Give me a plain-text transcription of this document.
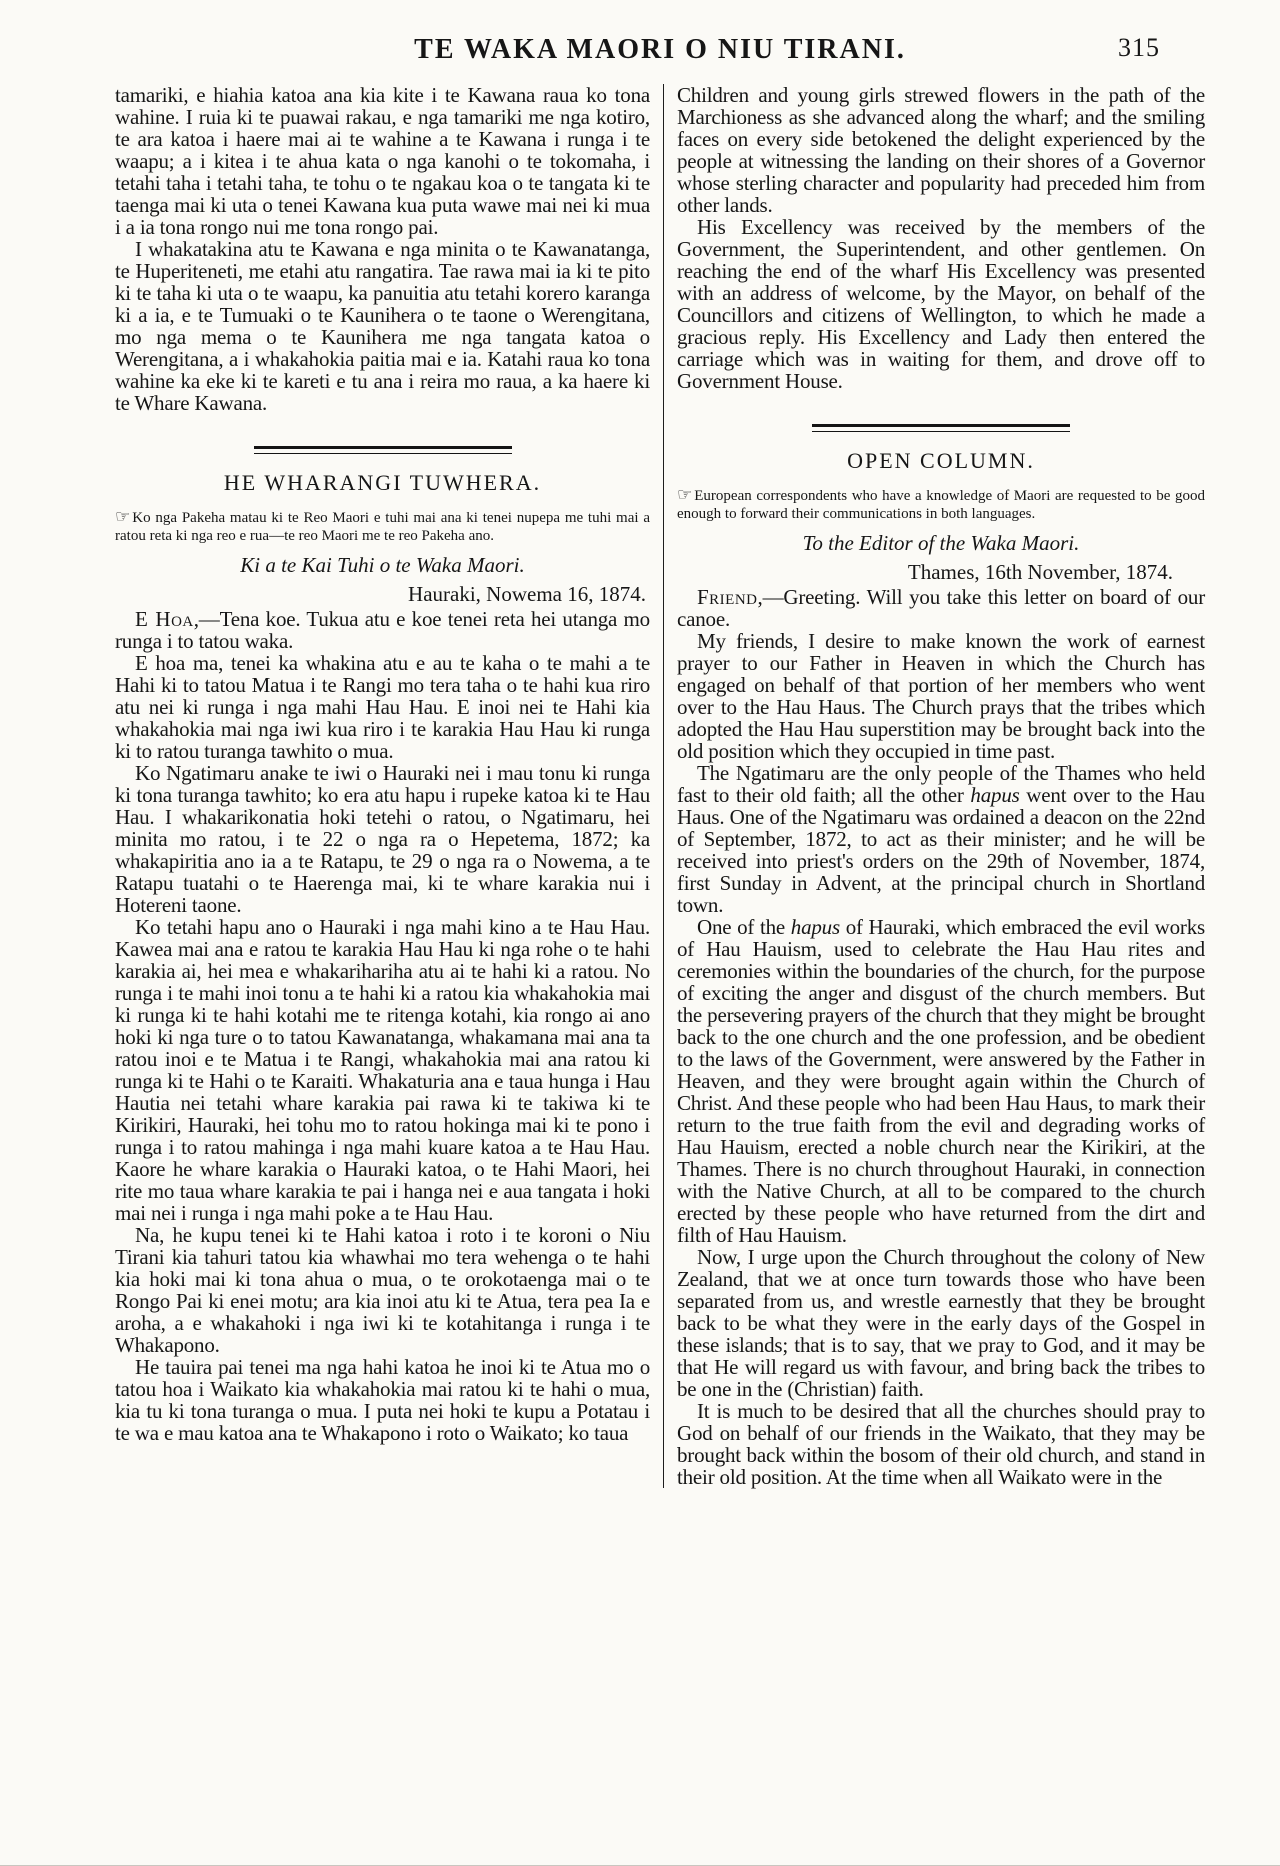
TE WAKA MAORI O NIU TIRANI.	315

tamariki, e hiahia katoa ana kia kite i te Kawana raua ko tona wahine. I ruia ki te puawai rakau, e nga tamariki me nga kotiro, te ara katoa i haere mai ai te wahine a te Kawana i runga i te waapu; a i kitea i te ahua kata o nga kanohi o te tokomaha, i tetahi taha i tetahi taha, te tohu o te ngakau koa o te tangata ki te taenga mai ki uta o tenei Kawana kua puta wawe mai nei ki mua i a ia tona rongo nui me tona rongo pai.

I whakatakina atu te Kawana e nga minita o te Kawanatanga, te Huperiteneti, me etahi atu rangatira. Tae rawa mai ia ki te pito ki te taha ki uta o te waapu, ka panuitia atu tetahi korero karanga ki a ia, e te Tumuaki o te Kaunihera o te taone o Werengitana, mo nga mema o te Kaunihera me nga tangata katoa o Werengitana, a i whakahokia paitia mai e ia. Katahi raua ko tona wahine ka eke ki te kareti e tu ana i reira mo raua, a ka haere ki te Whare Kawana.

HE WHARANGI TUWHERA.

☞ Ko nga Pakeha matau ki te Reo Maori e tuhi mai ana ki tenei nupepa me tuhi mai a ratou reta ki nga reo e rua—te reo Maori me te reo Pakeha ano.

Ki a te Kai Tuhi o te Waka Maori.

Hauraki, Nowema 16, 1874.

E Hoa,—Tena koe. Tukua atu e koe tenei reta hei utanga mo runga i to tatou waka.

E hoa ma, tenei ka whakina atu e au te kaha o te mahi a te Hahi ki to tatou Matua i te Rangi mo tera taha o te hahi kua riro atu nei ki runga i nga mahi Hau Hau. E inoi nei te Hahi kia whakahokia mai nga iwi kua riro i te karakia Hau Hau ki runga ki to ratou turanga tawhito o mua.

Ko Ngatimaru anake te iwi o Hauraki nei i mau tonu ki runga ki tona turanga tawhito; ko era atu hapu i rupeke katoa ki te Hau Hau. I whakarikonatia hoki tetehi o ratou, o Ngatimaru, hei minita mo ratou, i te 22 o nga ra o Hepetema, 1872; ka whakapiritia ano ia a te Ratapu, te 29 o nga ra o Nowema, a te Ratapu tuatahi o te Haerenga mai, ki te whare karakia nui i Hotereni taone.

Ko tetahi hapu ano o Hauraki i nga mahi kino a te Hau Hau. Kawea mai ana e ratou te karakia Hau Hau ki nga rohe o te hahi karakia ai, hei mea e whakarihariha atu ai te hahi ki a ratou. No runga i te mahi inoi tonu a te hahi ki a ratou kia whakahokia mai ki runga ki te hahi kotahi me te ritenga kotahi, kia rongo ai ano hoki ki nga ture o to tatou Kawanatanga, whakamana mai ana ta ratou inoi e te Matua i te Rangi, whakahokia mai ana ratou ki runga ki te Hahi o te Karaiti. Whakaturia ana e taua hunga i Hau Hautia nei tetahi whare karakia pai rawa ki te takiwa ki te Kirikiri, Hauraki, hei tohu mo to ratou hokinga mai ki te pono i runga i to ratou mahinga i nga mahi kuare katoa a te Hau Hau. Kaore he whare karakia o Hauraki katoa, o te Hahi Maori, hei rite mo taua whare karakia te pai i hanga nei e aua tangata i hoki mai nei i runga i nga mahi poke a te Hau Hau.

Na, he kupu tenei ki te Hahi katoa i roto i te koroni o Niu Tirani kia tahuri tatou kia whawhai mo tera wehenga o te hahi kia hoki mai ki tona ahua o mua, o te orokotaenga mai o te Rongo Pai ki enei motu; ara kia inoi atu ki te Atua, tera pea Ia e aroha, a e whakahoki i nga iwi ki te kotahitanga i runga i te Whakapono.

He tauira pai tenei ma nga hahi katoa he inoi ki te Atua mo o tatou hoa i Waikato kia whakahokia mai ratou ki te hahi o mua, kia tu ki tona turanga o mua. I puta nei hoki te kupu a Potatau i te wa e mau katoa ana te Whakapono i roto o Waikato; ko taua

Children and young girls strewed flowers in the path of the Marchioness as she advanced along the wharf; and the smiling faces on every side betokened the delight experienced by the people at witnessing the landing on their shores of a Governor whose sterling character and popularity had preceded him from other lands.

His Excellency was received by the members of the Government, the Superintendent, and other gentlemen. On reaching the end of the wharf His Excellency was presented with an address of welcome, by the Mayor, on behalf of the Councillors and citizens of Wellington, to which he made a gracious reply. His Excellency and Lady then entered the carriage which was in waiting for them, and drove off to Government House.

OPEN COLUMN.

☞ European correspondents who have a knowledge of Maori are requested to be good enough to forward their communications in both languages.

To the Editor of the Waka Maori.

Thames, 16th November, 1874.

Friend,—Greeting. Will you take this letter on board of our canoe.

My friends, I desire to make known the work of earnest prayer to our Father in Heaven in which the Church has engaged on behalf of that portion of her members who went over to the Hau Haus. The Church prays that the tribes which adopted the Hau Hau superstition may be brought back into the old position which they occupied in time past.

The Ngatimaru are the only people of the Thames who held fast to their old faith; all the other hapus went over to the Hau Haus. One of the Ngatimaru was ordained a deacon on the 22nd of September, 1872, to act as their minister; and he will be received into priest's orders on the 29th of November, 1874, first Sunday in Advent, at the principal church in Shortland town.

One of the hapus of Hauraki, which embraced the evil works of Hau Hauism, used to celebrate the Hau Hau rites and ceremonies within the boundaries of the church, for the purpose of exciting the anger and disgust of the church members. But the persevering prayers of the church that they might be brought back to the one church and the one profession, and be obedient to the laws of the Government, were answered by the Father in Heaven, and they were brought again within the Church of Christ. And these people who had been Hau Haus, to mark their return to the true faith from the evil and degrading works of Hau Hauism, erected a noble church near the Kirikiri, at the Thames. There is no church throughout Hauraki, in connection with the Native Church, at all to be compared to the church erected by these people who have returned from the dirt and filth of Hau Hauism.

Now, I urge upon the Church throughout the colony of New Zealand, that we at once turn towards those who have been separated from us, and wrestle earnestly that they be brought back to be what they were in the early days of the Gospel in these islands; that is to say, that we pray to God, and it may be that He will regard us with favour, and bring back the tribes to be one in the (Christian) faith.

It is much to be desired that all the churches should pray to God on behalf of our friends in the Waikato, that they may be brought back within the bosom of their old church, and stand in their old position. At the time when all Waikato were in the
